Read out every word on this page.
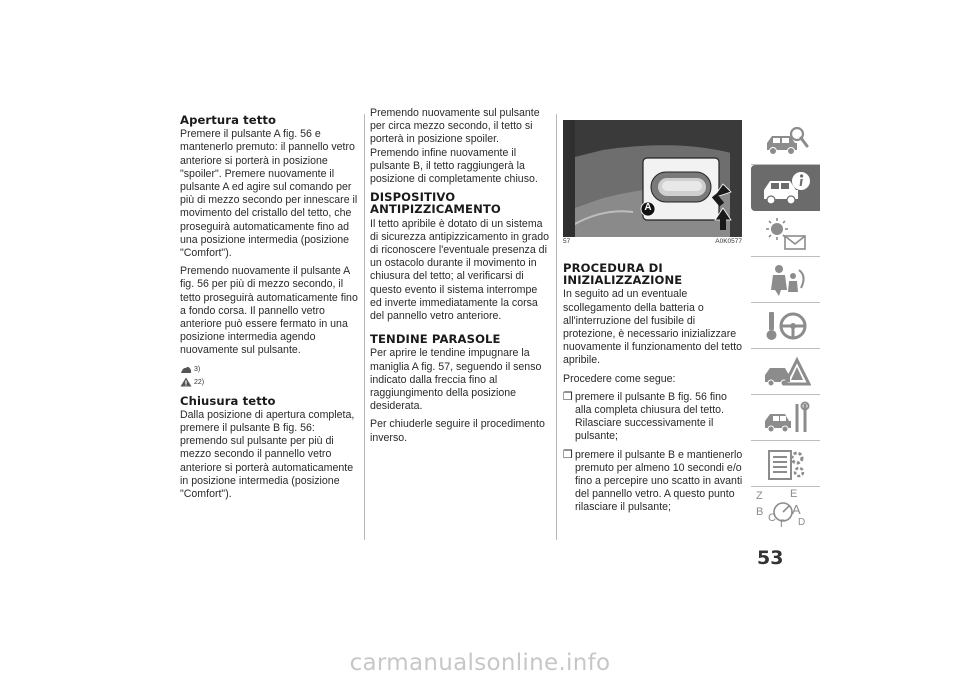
Apertura tetto

Premere il pulsante A fig. 56 e mantenerlo premuto: il pannello vetro anteriore si porterà in posizione "spoiler". Premere nuovamente il pulsante A ed agire sul comando per più di mezzo secondo per innescare il movimento del cristallo del tetto, che proseguirà automaticamente fino ad una posizione intermedia (posizione "Comfort").

Premendo nuovamente il pulsante A fig. 56 per più di mezzo secondo, il tetto proseguirà automaticamente fino a fondo corsa. Il pannello vetro anteriore può essere fermato in una posizione intermedia agendo nuovamente sul pulsante.

3)
22)
Chiusura tetto

Dalla posizione di apertura completa, premere il pulsante B fig. 56: premendo sul pulsante per più di mezzo secondo il pannello vetro anteriore si porterà automaticamente in posizione intermedia (posizione "Comfort").

Premendo nuovamente sul pulsante per circa mezzo secondo, il tetto si porterà in posizione spoiler. Premendo infine nuovamente il pulsante B, il tetto raggiungerà la posizione di completamente chiuso.

DISPOSITIVO
ANTIPIZZICAMENTO

Il tetto apribile è dotato di un sistema di sicurezza antipizzicamento in grado di riconoscere l'eventuale presenza di un ostacolo durante il movimento in chiusura del tetto; al verificarsi di questo evento il sistema interrompe ed inverte immediatamente la corsa del pannello vetro anteriore.

TENDINE PARASOLE

Per aprire le tendine impugnare la maniglia A fig. 57, seguendo il senso indicato dalla freccia fino al raggiungimento della posizione desiderata.

Per chiuderle seguire il procedimento inverso.

A
57	A0K0577
PROCEDURA DI
INIZIALIZZAZIONE

In seguito ad un eventuale scollegamento della batteria o all'interruzione del fusibile di protezione, è necessario inizializzare nuovamente il funzionamento del tetto apribile.

Procedere come segue:

❒ premere il pulsante B fig. 56 fino alla completa chiusura del tetto. Rilasciare successivamente il pulsante;
❒ premere il pulsante B e mantienerlo premuto per almeno 10 secondi e/o fino a percepire uno scatto in avanti del pannello vetro. A questo punto rilasciare il pulsante;
Z E
B A
C T D
53
carmanualsonline.info
